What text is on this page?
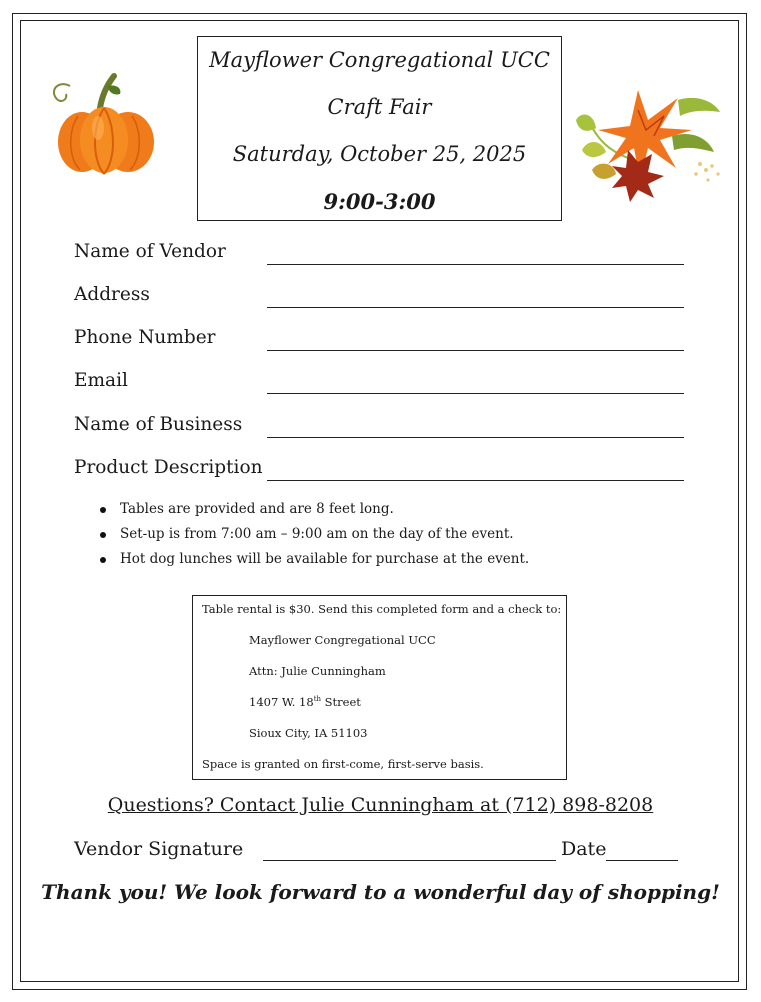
Mayflower Congregational UCC
Craft Fair
Saturday, October 25, 2025
9:00-3:00
Name of Vendor
Address
Phone Number
Email
Name of Business
Product Description
Tables are provided and are 8 feet long.
Set-up is from 7:00 am – 9:00 am on the day of the event.
Hot dog lunches will be available for purchase at the event.
Table rental is $30. Send this completed form and a check to:
Mayflower Congregational UCC
Attn: Julie Cunningham
1407 W. 18th Street
Sioux City, IA 51103
Space is granted on first-come, first-serve basis.
Questions? Contact Julie Cunningham at (712) 898-8208
Vendor Signature	Date
Thank you! We look forward to a wonderful day of shopping!
